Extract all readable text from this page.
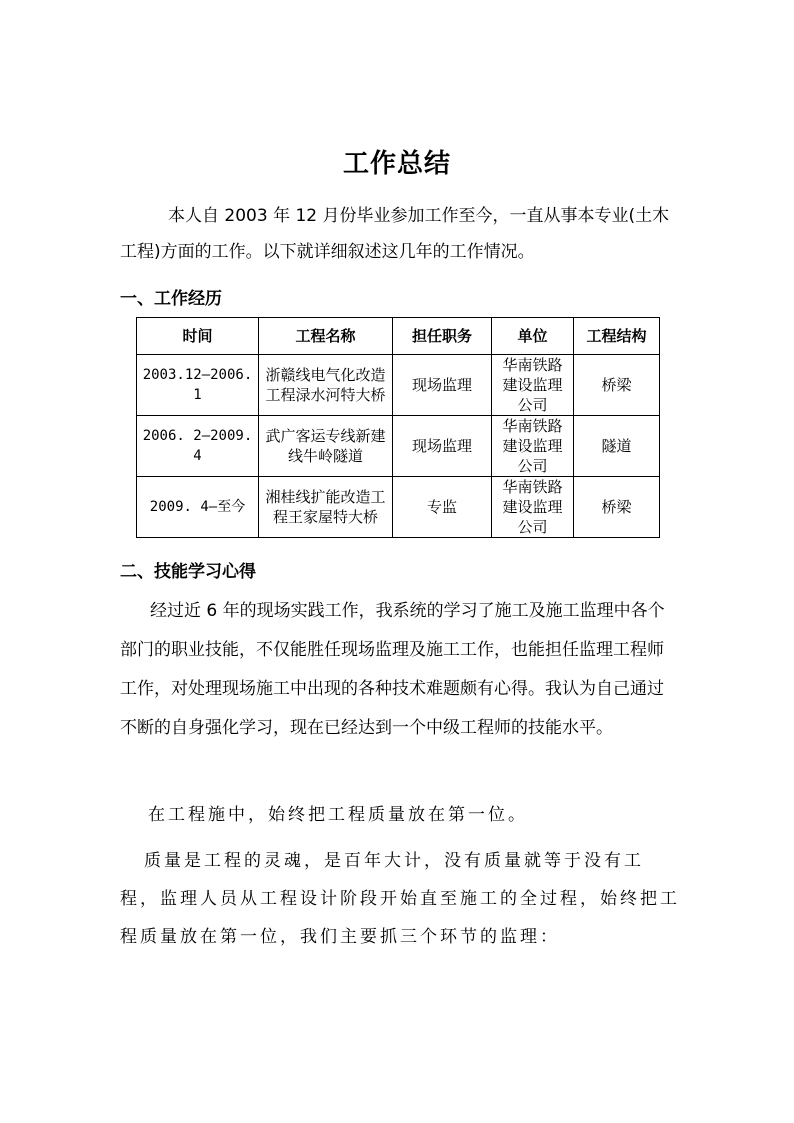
工作总结

本人自 2003 年 12 月份毕业参加工作至今，一直从事本专业(土木工程)方面的工作。以下就详细叙述这几年的工作情况。

一、工作经历
时间	工程名称	担任职务	单位	工程结构
2003.12—2006.1	浙赣线电气化改造工程渌水河特大桥	现场监理	华南铁路建设监理公司	桥梁
2006. 2—2009. 4	武广客运专线新建线牛岭隧道	现场监理	华南铁路建设监理公司	隧道
2009. 4—至今	湘桂线扩能改造工程王家屋特大桥	专监	华南铁路建设监理公司	桥梁
二、技能学习心得

经过近 6 年的现场实践工作，我系统的学习了施工及施工监理中各个部门的职业技能，不仅能胜任现场监理及施工工作，也能担任监理工程师工作，对处理现场施工中出现的各种技术难题颇有心得。我认为自己通过不断的自身强化学习，现在已经达到一个中级工程师的技能水平。

在工程施中，始终把工程质量放在第一位。

质量是工程的灵魂，是百年大计，没有质量就等于没有工程，监理人员从工程设计阶段开始直至施工的全过程，始终把工程质量放在第一位，我们主要抓三个环节的监理：
